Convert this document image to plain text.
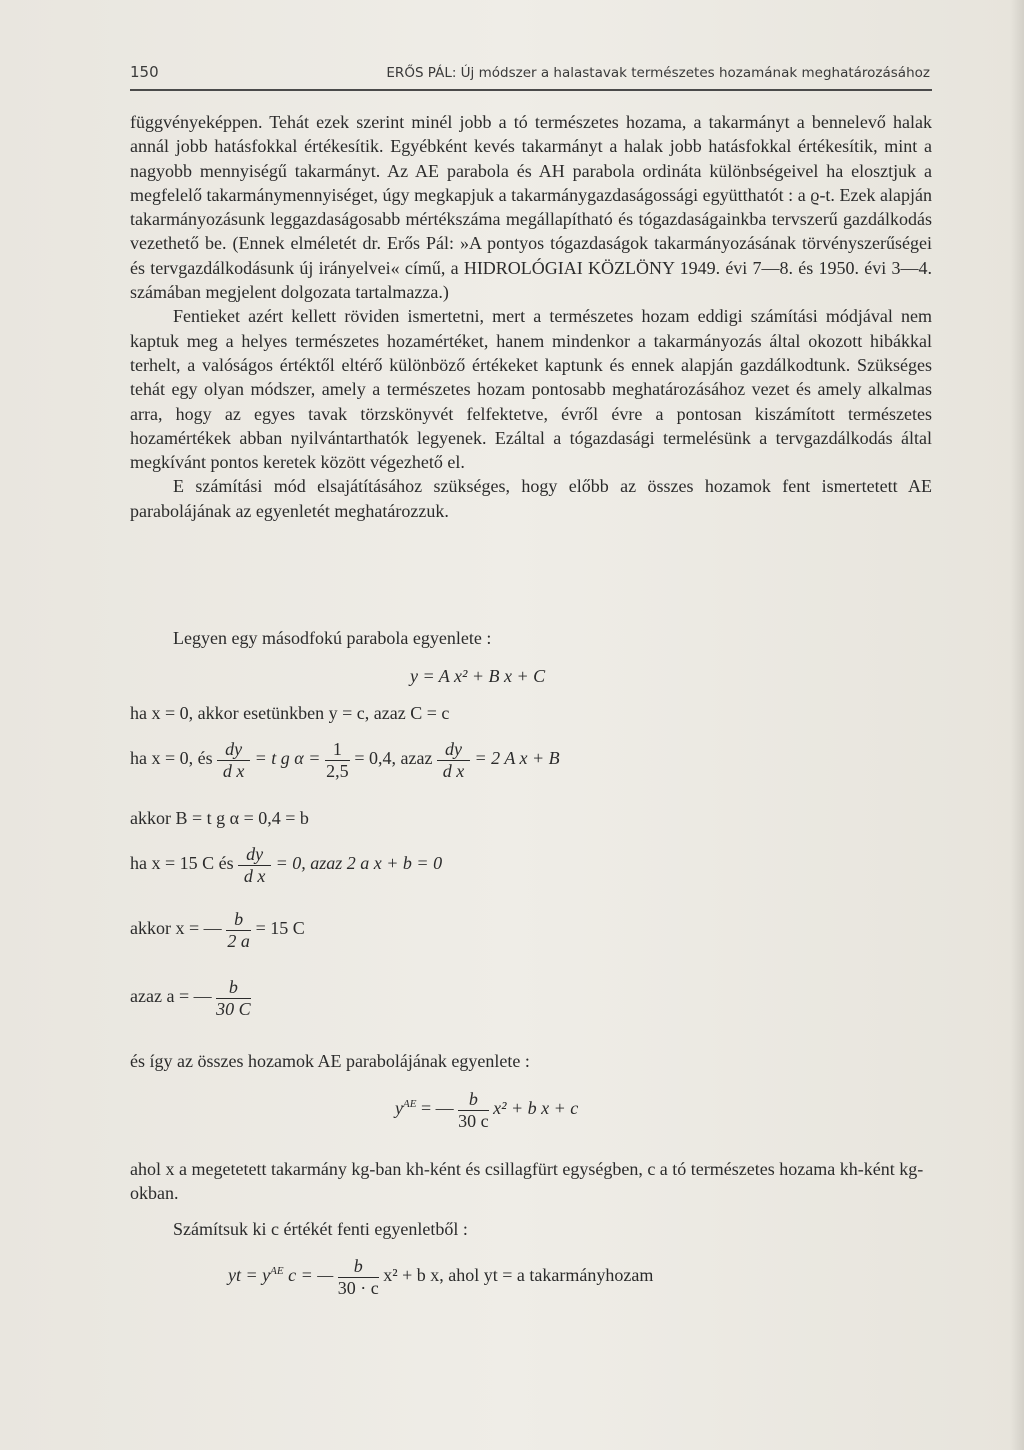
150	ERŐS PÁL: Új módszer a halastavak természetes hozamának meghatározásához

függvényeképpen. Tehát ezek szerint minél jobb a tó természetes hozama, a takarmányt a bennelevő halak annál jobb hatásfokkal értékesítik. Egyébként kevés takarmányt a halak jobb hatásfokkal értékesítik, mint a nagyobb mennyiségű takarmányt. Az AE parabola és AH parabola ordináta különbségeivel ha elosztjuk a megfelelő takarmánymennyiséget, úgy megkapjuk a takarmánygazdaságossági együtthatót : a ϱ-t. Ezek alapján takarmányozásunk leggazdaságosabb mértékszáma megállapítható és tógazdaságainkba tervszerű gazdálkodás vezethető be. (Ennek elméletét dr. Erős Pál: »A pontyos tógazdaságok takarmányozásának törvényszerűségei és tervgazdálkodásunk új irányelvei« című, a HIDROLÓGIAI KÖZLÖNY 1949. évi 7—8. és 1950. évi 3—4. számában megjelent dolgozata tartalmazza.)

Fentieket azért kellett röviden ismertetni, mert a természetes hozam eddigi számítási módjával nem kaptuk meg a helyes természetes hozamértéket, hanem mindenkor a takarmányozás által okozott hibákkal terhelt, a valóságos értéktől eltérő különböző értékeket kaptunk és ennek alapján gazdálkodtunk. Szükséges tehát egy olyan módszer, amely a természetes hozam pontosabb meghatározásához vezet és amely alkalmas arra, hogy az egyes tavak törzskönyvét felfektetve, évről évre a pontosan kiszámított természetes hozamértékek abban nyilvántarthatók legyenek. Ezáltal a tógazdasági termelésünk a tervgazdálkodás által megkívánt pontos keretek között végezhető el.

E számítási mód elsajátításához szükséges, hogy előbb az összes hozamok fent ismertetett AE parabolájának az egyenletét meghatározzuk.

Legyen egy másodfokú parabola egyenlete :
y = A x² + B x + C
ha x = 0, akkor esetünkben y = c, azaz C = c
ha x = 0, és $\frac{dy}{\text{d x}} = t$ g $\alpha = \frac{1}{2,5} = 0,4$, azaz $\frac{dy}{\text{d x}} = 2$ A x + B
akkor B = t g α = 0,4 = b
ha x = 15 C és $\frac{dy}{\text{d x}} = 0$, azaz 2 a x + b = 0
akkor x = — $\frac{b}{2 a} = 15$ C
azaz a = — $\frac{b}{30 C}$
és így az összes hozamok AE parabolájának egyenlete :
$y^{AE}$ = — $\frac{b}{30 c} x^2 + b$ x + c
ahol x a megetetett takarmány kg-ban kh-ként és csillagfürt egységben, c a tó természetes hozama kh-ként kg-okban.
Számítsuk ki c értékét fenti egyenletből :
yt = $y^{AE}$ c = — $\frac{b}{30 \cdot c} x^2 + b$ x, ahol yt = a takarmányhozam
